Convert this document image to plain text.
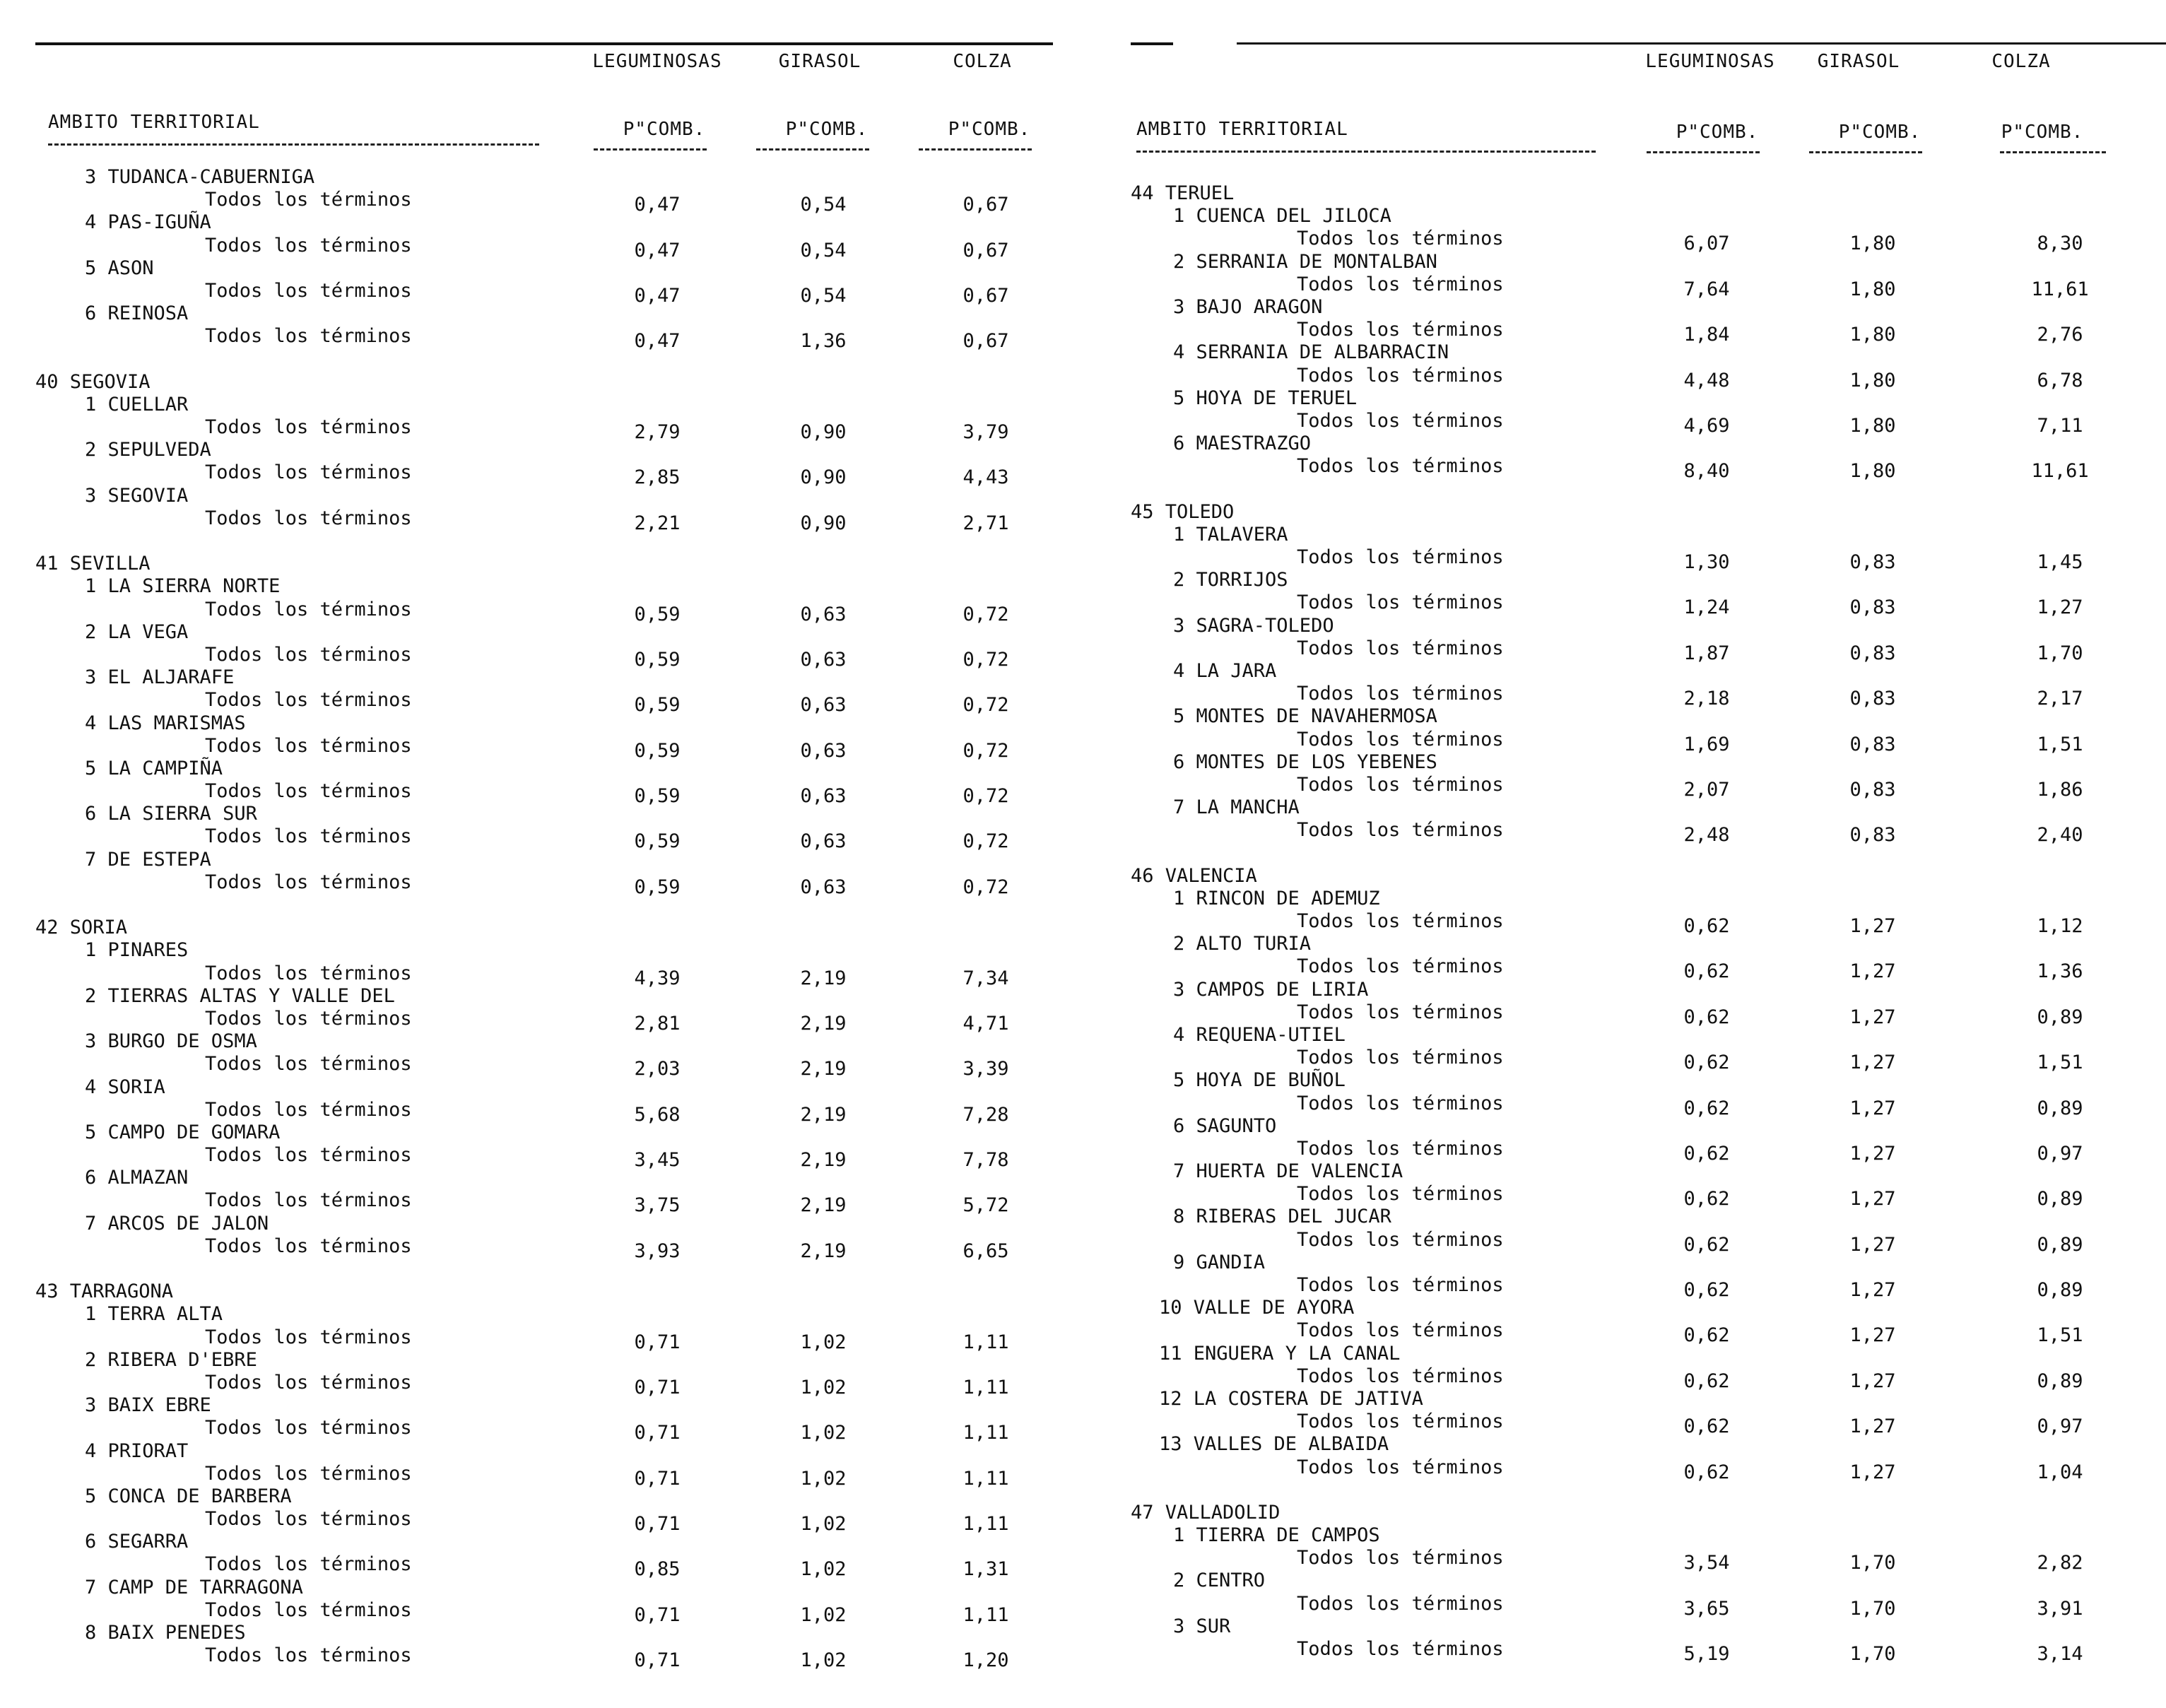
LEGUMINOSAS	GIRASOL	COLZA
AMBITO TERRITORIAL	P"COMB.	P"COMB.	P"COMB.
3 TUDANCA-CABUERNIGA
Todos los términos	0,47	0,54	0,67
4 PAS-IGUÑA
Todos los términos	0,47	0,54	0,67
5 ASON
Todos los términos	0,47	0,54	0,67
6 REINOSA
Todos los términos	0,47	1,36	0,67
40 SEGOVIA
1 CUELLAR
Todos los términos	2,79	0,90	3,79
2 SEPULVEDA
Todos los términos	2,85	0,90	4,43
3 SEGOVIA
Todos los términos	2,21	0,90	2,71
41 SEVILLA
1 LA SIERRA NORTE
Todos los términos	0,59	0,63	0,72
2 LA VEGA
Todos los términos	0,59	0,63	0,72
3 EL ALJARAFE
Todos los términos	0,59	0,63	0,72
4 LAS MARISMAS
Todos los términos	0,59	0,63	0,72
5 LA CAMPIÑA
Todos los términos	0,59	0,63	0,72
6 LA SIERRA SUR
Todos los términos	0,59	0,63	0,72
7 DE ESTEPA
Todos los términos	0,59	0,63	0,72
42 SORIA
1 PINARES
Todos los términos	4,39	2,19	7,34
2 TIERRAS ALTAS Y VALLE DEL
Todos los términos	2,81	2,19	4,71
3 BURGO DE OSMA
Todos los términos	2,03	2,19	3,39
4 SORIA
Todos los términos	5,68	2,19	7,28
5 CAMPO DE GOMARA
Todos los términos	3,45	2,19	7,78
6 ALMAZAN
Todos los términos	3,75	2,19	5,72
7 ARCOS DE JALON
Todos los términos	3,93	2,19	6,65
43 TARRAGONA
1 TERRA ALTA
Todos los términos	0,71	1,02	1,11
2 RIBERA D'EBRE
Todos los términos	0,71	1,02	1,11
3 BAIX EBRE
Todos los términos	0,71	1,02	1,11
4 PRIORAT
Todos los términos	0,71	1,02	1,11
5 CONCA DE BARBERA
Todos los términos	0,71	1,02	1,11
6 SEGARRA
Todos los términos	0,85	1,02	1,31
7 CAMP DE TARRAGONA
Todos los términos	0,71	1,02	1,11
8 BAIX PENEDES
Todos los términos	0,71	1,02	1,20
LEGUMINOSAS	GIRASOL	COLZA
AMBITO TERRITORIAL	P"COMB.	P"COMB.	P"COMB.
44 TERUEL
1 CUENCA DEL JILOCA
Todos los términos	6,07	1,80	8,30
2 SERRANIA DE MONTALBAN
Todos los términos	7,64	1,80	11,61
3 BAJO ARAGON
Todos los términos	1,84	1,80	2,76
4 SERRANIA DE ALBARRACIN
Todos los términos	4,48	1,80	6,78
5 HOYA DE TERUEL
Todos los términos	4,69	1,80	7,11
6 MAESTRAZGO
Todos los términos	8,40	1,80	11,61
45 TOLEDO
1 TALAVERA
Todos los términos	1,30	0,83	1,45
2 TORRIJOS
Todos los términos	1,24	0,83	1,27
3 SAGRA-TOLEDO
Todos los términos	1,87	0,83	1,70
4 LA JARA
Todos los términos	2,18	0,83	2,17
5 MONTES DE NAVAHERMOSA
Todos los términos	1,69	0,83	1,51
6 MONTES DE LOS YEBENES
Todos los términos	2,07	0,83	1,86
7 LA MANCHA
Todos los términos	2,48	0,83	2,40
46 VALENCIA
1 RINCON DE ADEMUZ
Todos los términos	0,62	1,27	1,12
2 ALTO TURIA
Todos los términos	0,62	1,27	1,36
3 CAMPOS DE LIRIA
Todos los términos	0,62	1,27	0,89
4 REQUENA-UTIEL
Todos los términos	0,62	1,27	1,51
5 HOYA DE BUÑOL
Todos los términos	0,62	1,27	0,89
6 SAGUNTO
Todos los términos	0,62	1,27	0,97
7 HUERTA DE VALENCIA
Todos los términos	0,62	1,27	0,89
8 RIBERAS DEL JUCAR
Todos los términos	0,62	1,27	0,89
9 GANDIA
Todos los términos	0,62	1,27	0,89
10 VALLE DE AYORA
Todos los términos	0,62	1,27	1,51
11 ENGUERA Y LA CANAL
Todos los términos	0,62	1,27	0,89
12 LA COSTERA DE JATIVA
Todos los términos	0,62	1,27	0,97
13 VALLES DE ALBAIDA
Todos los términos	0,62	1,27	1,04
47 VALLADOLID
1 TIERRA DE CAMPOS
Todos los términos	3,54	1,70	2,82
2 CENTRO
Todos los términos	3,65	1,70	3,91
3 SUR
Todos los términos	5,19	1,70	3,14
